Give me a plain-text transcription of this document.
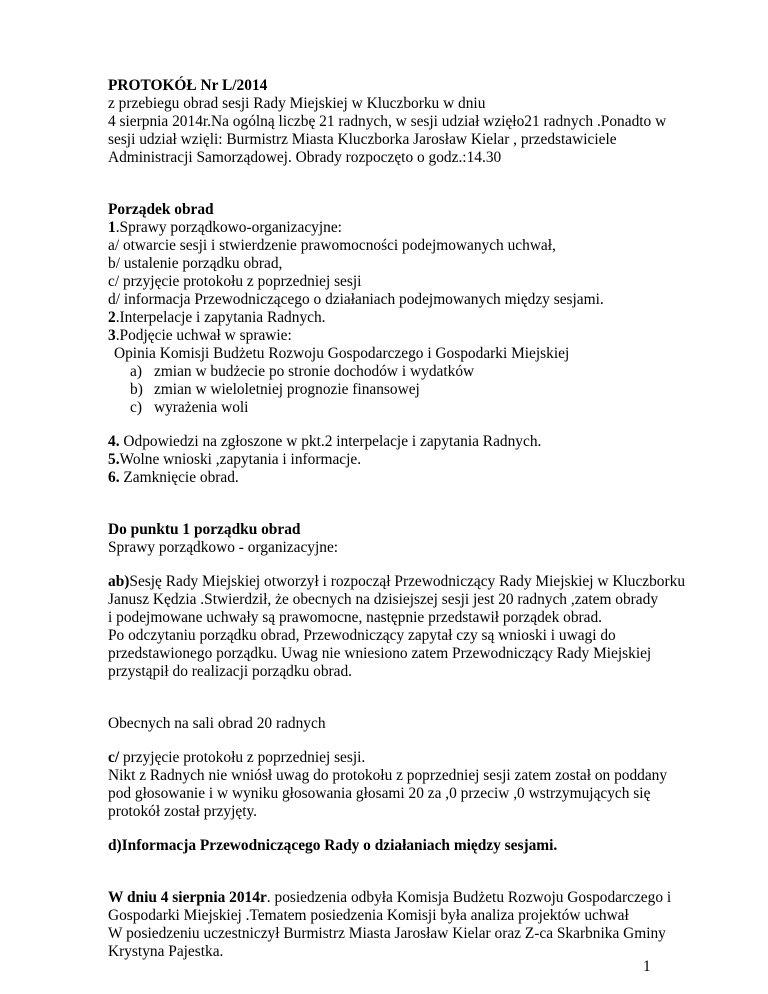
PROTOKÓŁ Nr L/2014
z przebiegu obrad sesji Rady Miejskiej w Kluczborku w dniu
4 sierpnia 2014r.Na ogólną liczbę 21 radnych, w sesji udział wzięło21 radnych .Ponadto w
sesji udział wzięli: Burmistrz Miasta Kluczborka Jarosław Kielar , przedstawiciele
Administracji Samorządowej. Obrady rozpoczęto o godz.:14.30
Porządek obrad
1.Sprawy porządkowo-organizacyjne:
a/ otwarcie sesji i stwierdzenie prawomocności podejmowanych uchwał,
b/ ustalenie porządku obrad,
c/ przyjęcie protokołu z poprzedniej sesji
d/ informacja Przewodniczącego o działaniach podejmowanych między sesjami.
2.Interpelacje i zapytania Radnych.
3.Podjęcie uchwał w sprawie:
Opinia Komisji Budżetu Rozwoju Gospodarczego i Gospodarki Miejskiej
a) zmian w budżecie po stronie dochodów i wydatków
b) zmian w wieloletniej prognozie finansowej
c) wyrażenia woli
4. Odpowiedzi na zgłoszone w pkt.2 interpelacje i zapytania Radnych.
5.Wolne wnioski ,zapytania i informacje.
6. Zamknięcie obrad.
Do punktu 1 porządku obrad
Sprawy porządkowo - organizacyjne:
ab)Sesję Rady Miejskiej otworzył i rozpoczął Przewodniczący Rady Miejskiej w Kluczborku
Janusz Kędzia .Stwierdził, że obecnych na dzisiejszej sesji jest 20 radnych ,zatem obrady
i podejmowane uchwały są prawomocne, następnie przedstawił porządek obrad.
Po odczytaniu porządku obrad, Przewodniczący zapytał czy są wnioski i uwagi do
przedstawionego porządku. Uwag nie wniesiono zatem Przewodniczący Rady Miejskiej
przystąpił do realizacji porządku obrad.
Obecnych na sali obrad 20 radnych
c/ przyjęcie protokołu z poprzedniej sesji.
Nikt z Radnych nie wniósł uwag do protokołu z poprzedniej sesji zatem został on poddany
pod głosowanie i w wyniku głosowania głosami 20 za ,0 przeciw ,0 wstrzymujących się
protokół został przyjęty.
d)Informacja Przewodniczącego Rady o działaniach między sesjami.
W dniu 4 sierpnia 2014r. posiedzenia odbyła Komisja Budżetu Rozwoju Gospodarczego i
Gospodarki Miejskiej .Tematem posiedzenia Komisji była analiza projektów uchwał
W posiedzeniu uczestniczył Burmistrz Miasta Jarosław Kielar oraz Z-ca Skarbnika Gminy
Krystyna Pajestka.
1
